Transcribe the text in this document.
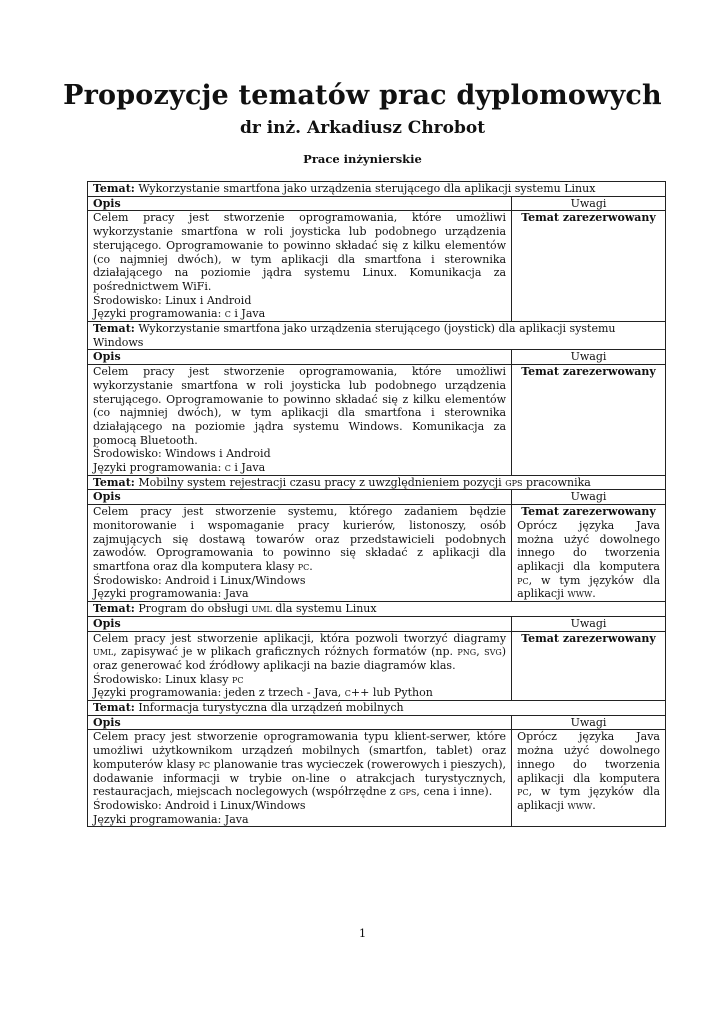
Propozycje tematów prac dyplomowych
dr inż. Arkadiusz Chrobot
Prace inżynierskie
Temat: Wykorzystanie smartfona jako urządzenia sterującego dla aplikacji systemu Linux	
Opis	Uwagi
Celem pracy jest stworzenie oprogramowania, które umożliwi wykorzystanie smartfona w roli joysticka lub podobnego urządzenia sterującego. Oprogramowanie to powinno składać się z kilku elementów (co najmniej dwóch), w tym aplikacji dla smartfona i sterownika działającego na poziomie jądra systemu Linux. Komunikacja za pośrednictwem WiFi.
Środowisko: Linux i Android
Języki programowania: c i Java	Temat zarezerwowany

Temat: Wykorzystanie smartfona jako urządzenia sterującego (joystick) dla aplikacji systemu Windows	
Opis	Uwagi
Celem pracy jest stworzenie oprogramowania, które umożliwi wykorzystanie smartfona w roli joysticka lub podobnego urządzenia sterującego. Oprogramowanie to powinno składać się z kilku elementów (co najmniej dwóch), w tym aplikacji dla smartfona i sterownika działającego na poziomie jądra systemu Windows. Komunikacja za pomocą Bluetooth.
Środowisko: Windows i Android
Języki programowania: c i Java	Temat zarezerwowany

Temat: Mobilny system rejestracji czasu pracy z uwzględnieniem pozycji gps pracownika	
Opis	Uwagi
Celem pracy jest stworzenie systemu, którego zadaniem będzie monitorowanie i wspomaganie pracy kurierów, listonoszy, osób zajmujących się dostawą towarów oraz przedstawicieli podobnych zawodów. Oprogramowania to powinno się składać z aplikacji dla smartfona oraz dla komputera klasy pc.
Środowisko: Android i Linux/Windows
Języki programowania: Java	Temat zarezerwowany
Oprócz języka Java można użyć dowolnego innego do tworzenia aplikacji dla komputera pc, w tym języków dla aplikacji www.

Temat: Program do obsługi uml dla systemu Linux	
Opis	Uwagi
Celem pracy jest stworzenie aplikacji, która pozwoli tworzyć diagramy uml, zapisywać je w plikach graficznych różnych formatów (np. png, svg) oraz generować kod źródłowy aplikacji na bazie diagramów klas.
Środowisko: Linux klasy pc
Języki programowania: jeden z trzech - Java, c++ lub Python	Temat zarezerwowany

Temat: Informacja turystyczna dla urządzeń mobilnych	
Opis	Uwagi
Celem pracy jest stworzenie oprogramowania typu klient-serwer, które umożliwi użytkownikom urządzeń mobilnych (smartfon, tablet) oraz komputerów klasy pc planowanie tras wycieczek (rowerowych i pieszych), dodawanie informacji w trybie on-line o atrakcjach turystycznych, restauracjach, miejscach noclegowych (współrzędne z gps, cena i inne).
Środowisko: Android i Linux/Windows
Języki programowania: Java	Oprócz języka Java można użyć dowolnego innego do tworzenia aplikacji dla komputera pc, w tym języków dla aplikacji www.
1
